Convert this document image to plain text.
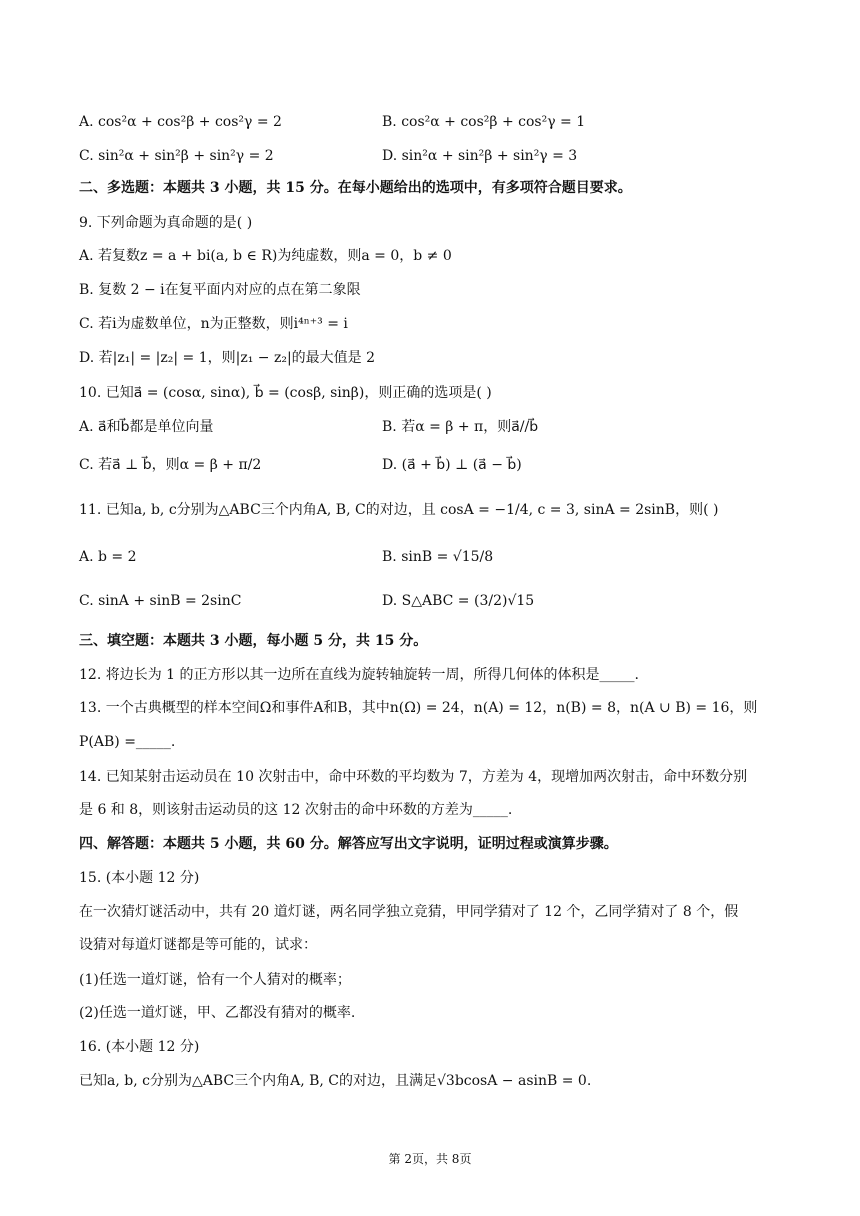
A. cos²α + cos²β + cos²γ = 2	B. cos²α + cos²β + cos²γ = 1
C. sin²α + sin²β + sin²γ = 2	D. sin²α + sin²β + sin²γ = 3
二、多选题：本题共 3 小题，共 15 分。在每小题给出的选项中，有多项符合题目要求。
9. 下列命题为真命题的是( )
A. 若复数z = a + bi(a, b ∈ R)为纯虚数，则a = 0，b ≠ 0
B. 复数 2 − i在复平面内对应的点在第二象限
C. 若i为虚数单位，n为正整数，则i⁴ⁿ⁺³ = i
D. 若|z₁| = |z₂| = 1，则|z₁ − z₂|的最大值是 2
10. 已知a⃗ = (cosα, sinα), b⃗ = (cosβ, sinβ)，则正确的选项是( )
A. a⃗和b⃗都是单位向量	B. 若α = β + π，则a⃗//b⃗
C. 若a⃗ ⊥ b⃗，则α = β + π/2	D. (a⃗ + b⃗) ⊥ (a⃗ − b⃗)
11. 已知a, b, c分别为△ABC三个内角A, B, C的对边，且 cosA = −1/4, c = 3, sinA = 2sinB，则( )
A. b = 2	B. sinB = √15/8
C. sinA + sinB = 2sinC	D. S△ABC = (3/2)√15
三、填空题：本题共 3 小题，每小题 5 分，共 15 分。
12. 将边长为 1 的正方形以其一边所在直线为旋转轴旋转一周，所得几何体的体积是_____.
13. 一个古典概型的样本空间Ω和事件A和B，其中n(Ω) = 24，n(A) = 12，n(B) = 8，n(A ∪ B) = 16，则
P(AB) =_____.
14. 已知某射击运动员在 10 次射击中，命中环数的平均数为 7，方差为 4，现增加两次射击，命中环数分别
是 6 和 8，则该射击运动员的这 12 次射击的命中环数的方差为_____.
四、解答题：本题共 5 小题，共 60 分。解答应写出文字说明，证明过程或演算步骤。
15. (本小题 12 分)
在一次猜灯谜活动中，共有 20 道灯谜，两名同学独立竞猜，甲同学猜对了 12 个，乙同学猜对了 8 个，假
设猜对每道灯谜都是等可能的，试求：
(1)任选一道灯谜，恰有一个人猜对的概率；
(2)任选一道灯谜，甲、乙都没有猜对的概率.
16. (本小题 12 分)
已知a, b, c分别为△ABC三个内角A, B, C的对边，且满足√3bcosA − asinB = 0.
第 2页，共 8页
